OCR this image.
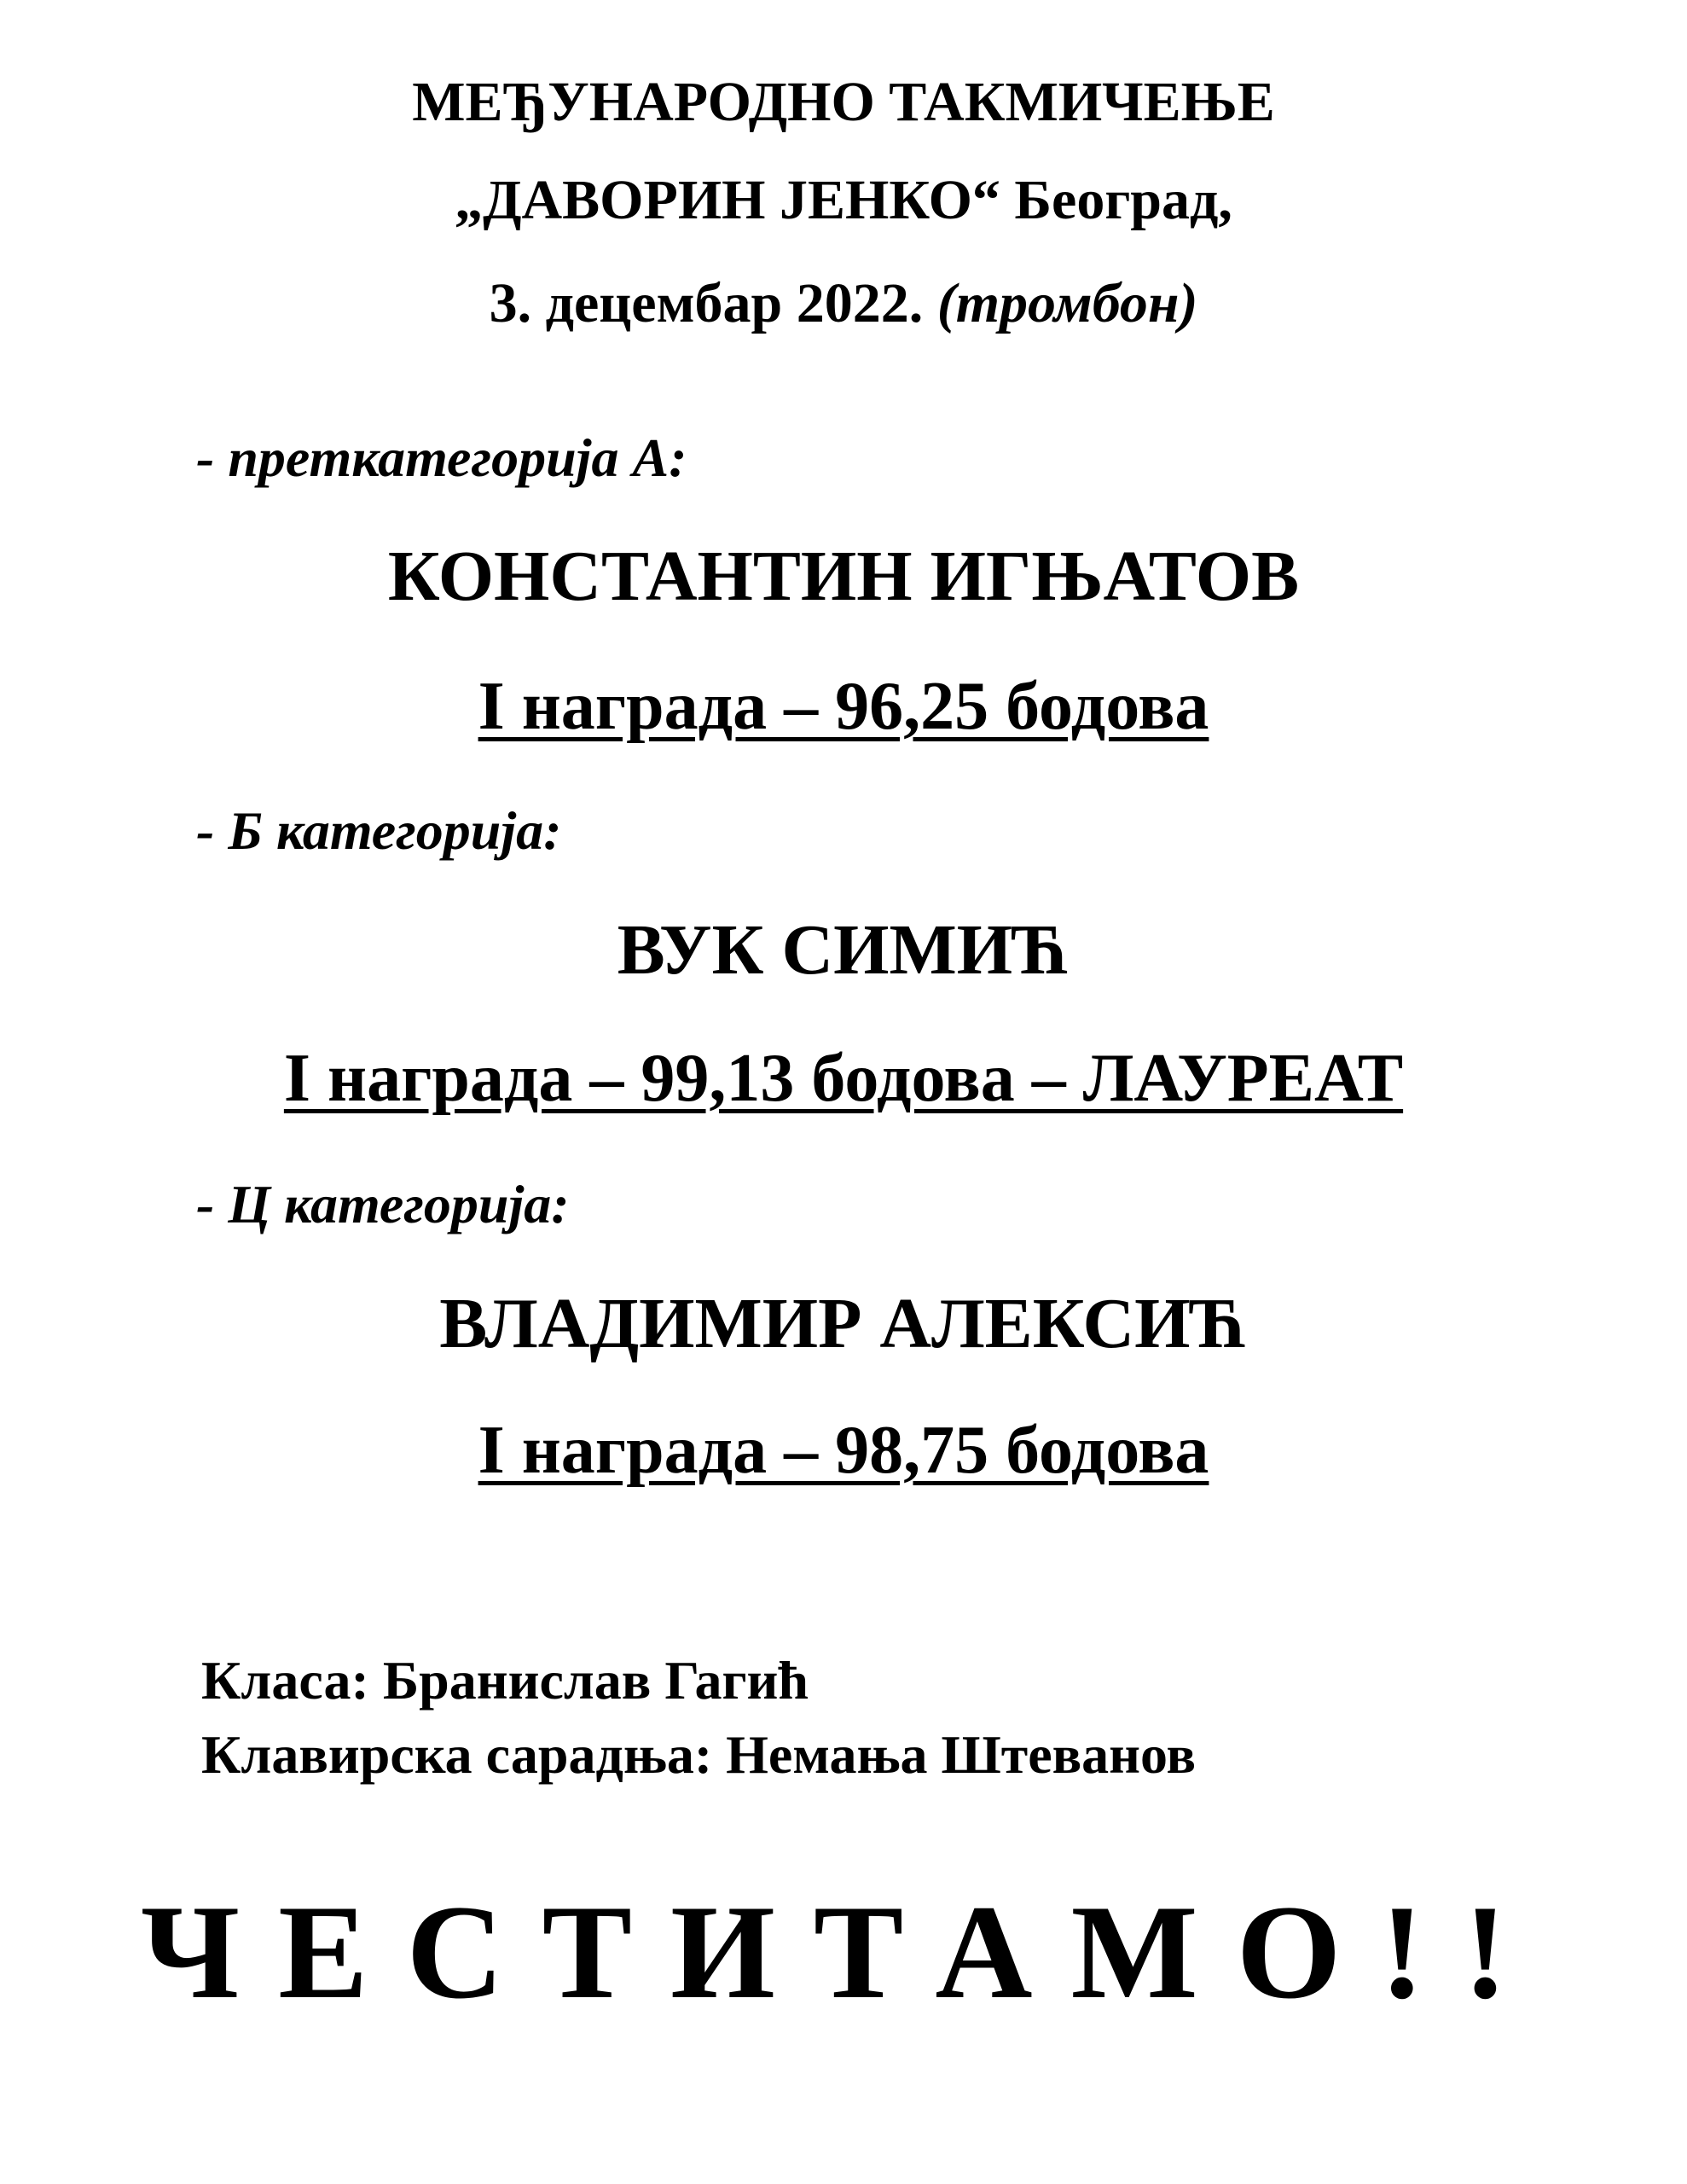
МЕЂУНАРОДНО ТАКМИЧЕЊЕ
„ДАВОРИН ЈЕНКО“ Београд,
3. децембар 2022. (тромбон)
- преткатегорија А:
КОНСТАНТИН ИГЊАТОВ
I награда – 96,25 бодова
- Б категорија:
ВУК СИМИЋ
I награда – 99,13 бодова – ЛАУРЕАТ
- Ц категорија:
ВЛАДИМИР АЛЕКСИЋ
I награда – 98,75 бодова
Класа: Бранислав Гагић
Клавирска сарадња: Немања Штеванов
ЧЕСТИТАМО!!
